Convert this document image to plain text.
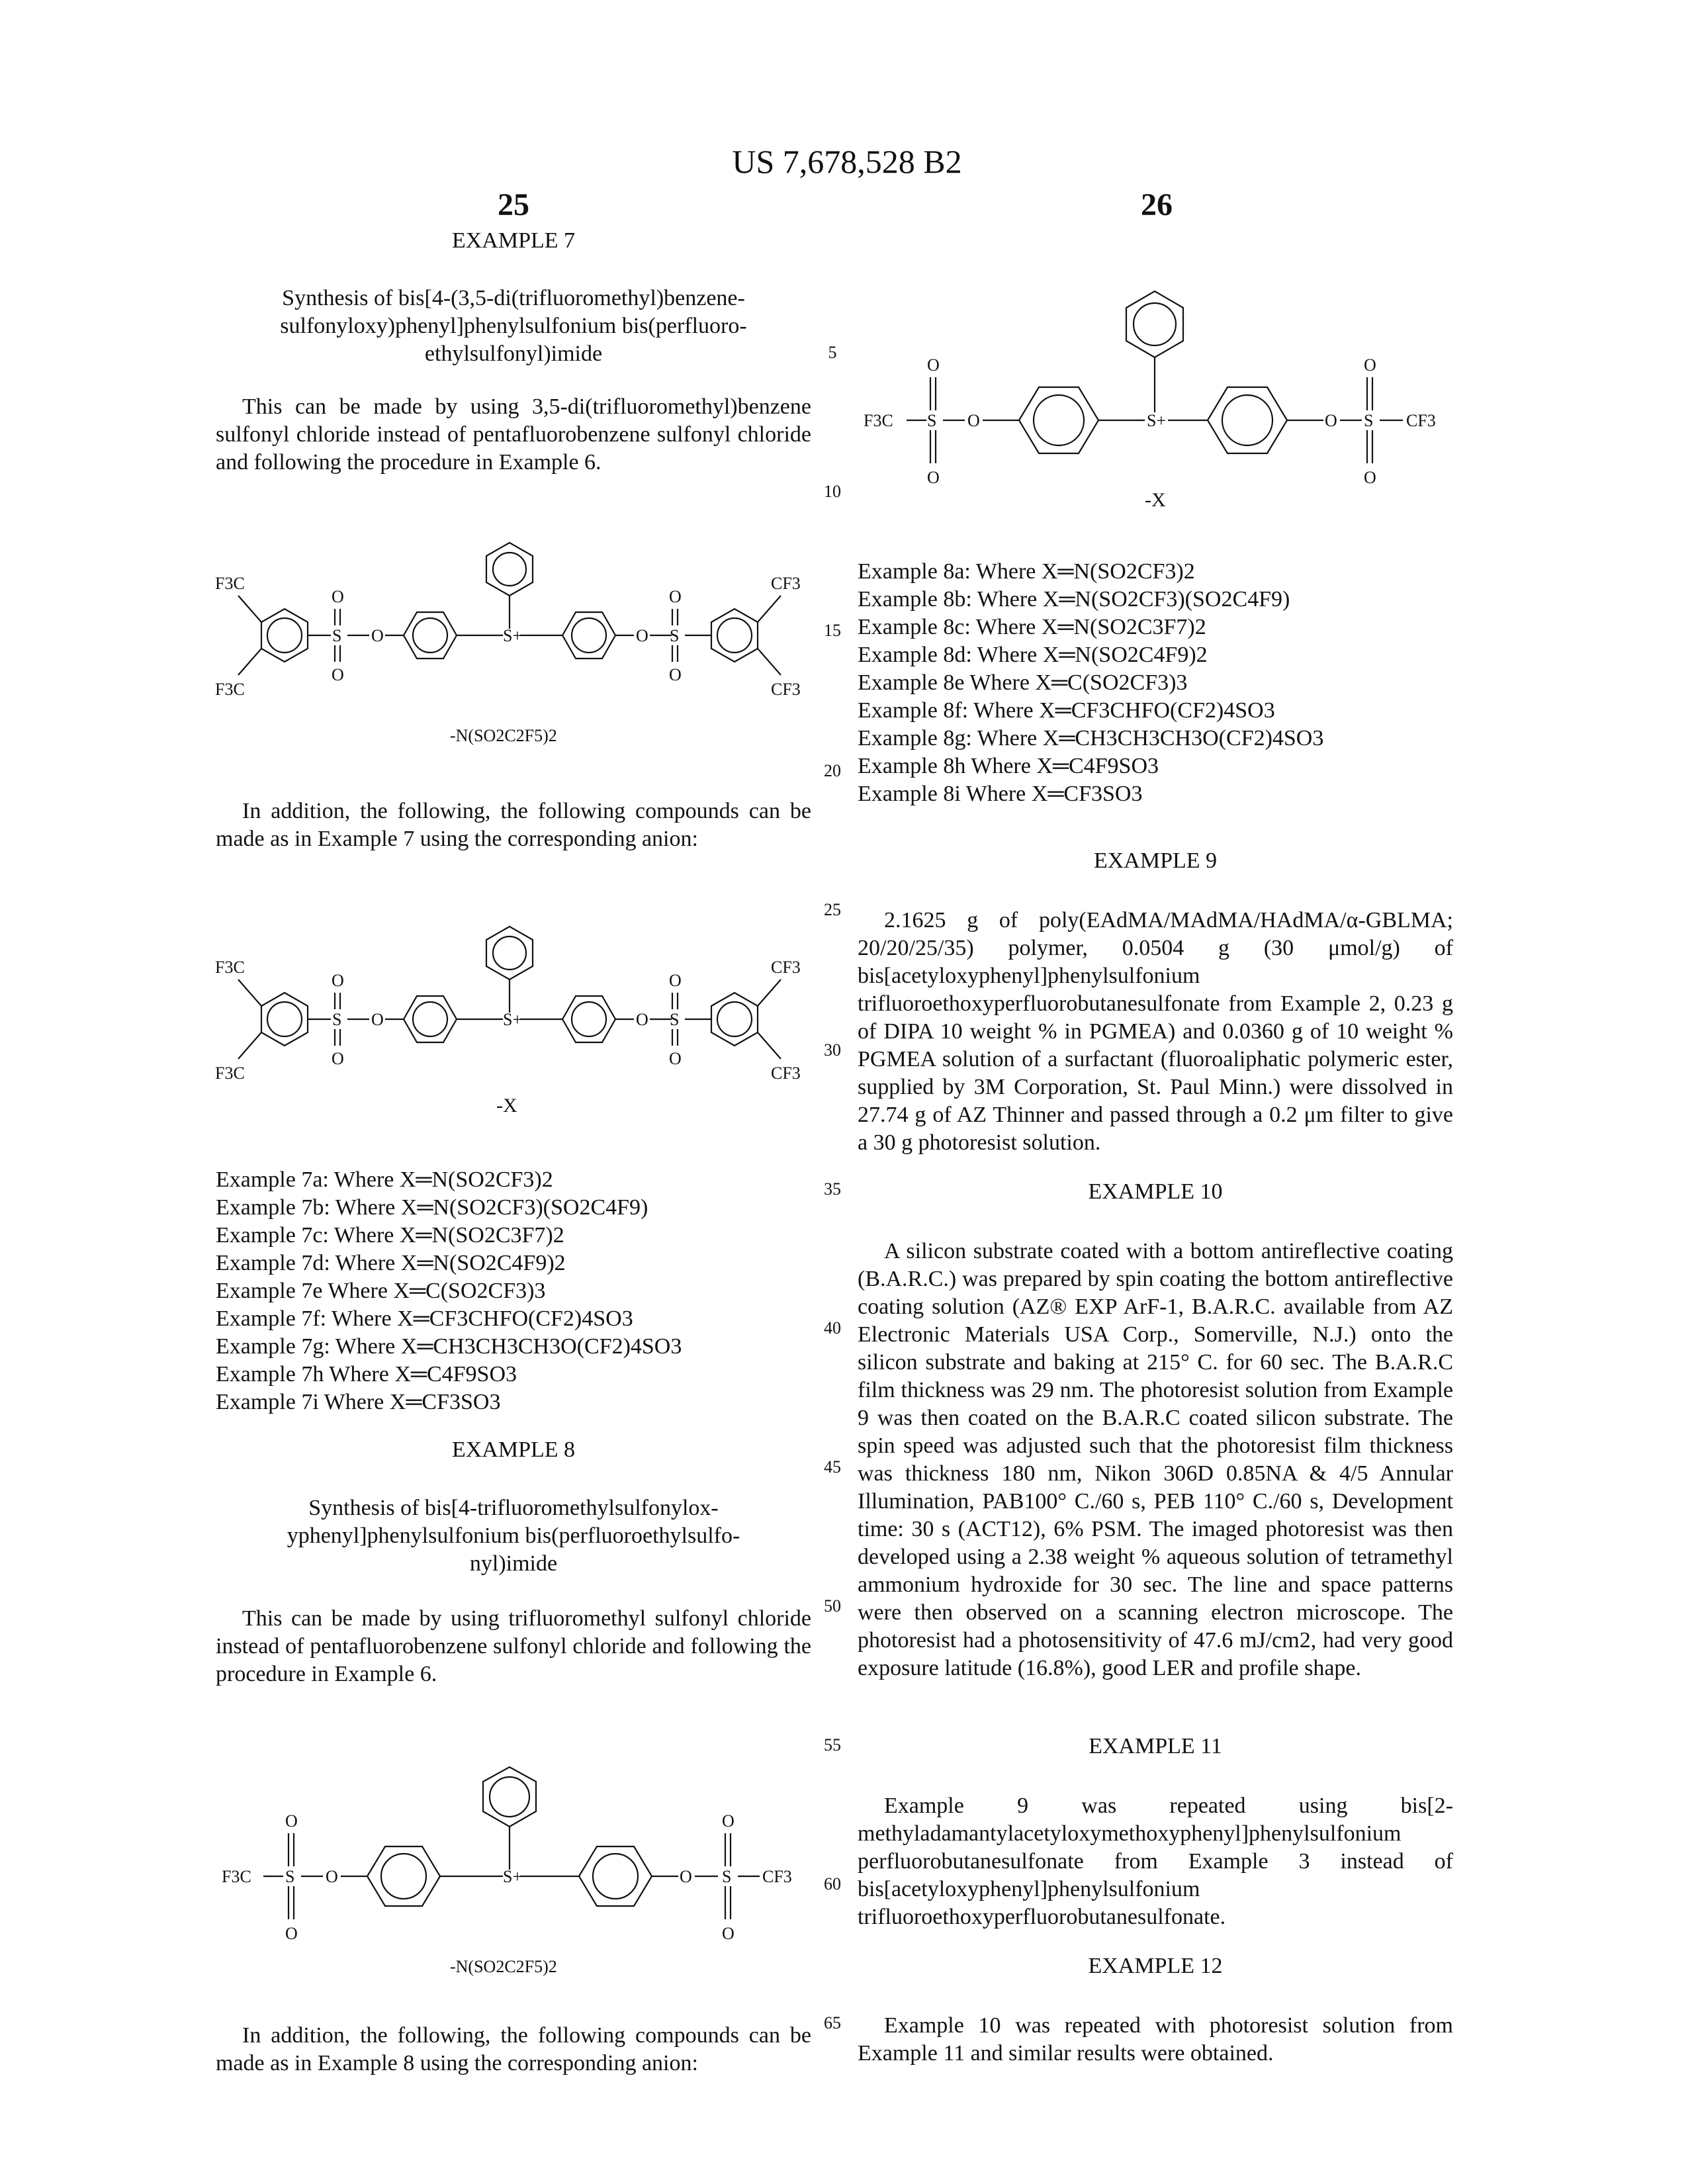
US 7,678,528 B2
25	26
EXAMPLE 7
Synthesis of bis[4-(3,5-di(trifluoromethyl)benzene-sulfonyloxy)phenyl]phenylsulfonium bis(perfluoro-ethylsulfonyl)imide
This can be made by using 3,5-di(trifluoromethyl)benzene sulfonyl chloride instead of pentafluorobenzene sulfonyl chloride and following the procedure in Example 6.
F3C
F3C
O
O
S O	S+	O
O
O
S
CF3
CF3
-N(SO2C2F5)2
In addition, the following, the following compounds can be made as in Example 7 using the corresponding anion:
F3C
F3C
O
O
S O	S+	O
O
O
S
CF3
CF3
-X
Example 7a: Where X═N(SO2CF3)2
Example 7b: Where X═N(SO2CF3)(SO2C4F9)
Example 7c: Where X═N(SO2C3F7)2
Example 7d: Where X═N(SO2C4F9)2
Example 7e Where X═C(SO2CF3)3
Example 7f: Where X═CF3CHFO(CF2)4SO3
Example 7g: Where X═CH3CH3CH3O(CF2)4SO3
Example 7h Where X═C4F9SO3
Example 7i Where X═CF3SO3
EXAMPLE 8
Synthesis of bis[4-trifluoromethylsulfonylox-yphenyl]phenylsulfonium bis(perfluoroethylsulfo-nyl)imide
This can be made by using trifluoromethyl sulfonyl chloride instead of pentafluorobenzene sulfonyl chloride and following the procedure in Example 6.
F3C
O
O
S O	S+	O
O
O
S CF3
-N(SO2C2F5)2
In addition, the following, the following compounds can be made as in Example 8 using the corresponding anion:
5
10
15
20
25
30
35
40
45
50
55
60
65
F3C
O
O
S O	S+	O
O
O
S CF3
-X
Example 8a: Where X═N(SO2CF3)2
Example 8b: Where X═N(SO2CF3)(SO2C4F9)
Example 8c: Where X═N(SO2C3F7)2
Example 8d: Where X═N(SO2C4F9)2
Example 8e Where X═C(SO2CF3)3
Example 8f: Where X═CF3CHFO(CF2)4SO3
Example 8g: Where X═CH3CH3CH3O(CF2)4SO3
Example 8h Where X═C4F9SO3
Example 8i Where X═CF3SO3
EXAMPLE 9
2.1625 g of poly(EAdMA/MAdMA/HAdMA/α-GBLMA; 20/20/25/35) polymer, 0.0504 g (30 μmol/g) of bis[acetyloxyphenyl]phenylsulfonium trifluoroethoxyperfluorobutanesulfonate from Example 2, 0.23 g of DIPA 10 weight % in PGMEA) and 0.0360 g of 10 weight % PGMEA solution of a surfactant (fluoroaliphatic polymeric ester, supplied by 3M Corporation, St. Paul Minn.) were dissolved in 27.74 g of AZ Thinner and passed through a 0.2 μm filter to give a 30 g photoresist solution.
EXAMPLE 10
A silicon substrate coated with a bottom antireflective coating (B.A.R.C.) was prepared by spin coating the bottom antireflective coating solution (AZ® EXP ArF-1, B.A.R.C. available from AZ Electronic Materials USA Corp., Somerville, N.J.) onto the silicon substrate and baking at 215° C. for 60 sec. The B.A.R.C film thickness was 29 nm. The photoresist solution from Example 9 was then coated on the B.A.R.C coated silicon substrate. The spin speed was adjusted such that the photoresist film thickness was thickness 180 nm, Nikon 306D 0.85NA & 4/5 Annular Illumination, PAB100° C./60 s, PEB 110° C./60 s, Development time: 30 s (ACT12), 6% PSM. The imaged photoresist was then developed using a 2.38 weight % aqueous solution of tetramethyl ammonium hydroxide for 30 sec. The line and space patterns were then observed on a scanning electron microscope. The photoresist had a photosensitivity of 47.6 mJ/cm2, had very good exposure latitude (16.8%), good LER and profile shape.
EXAMPLE 11
Example 9 was repeated using bis[2-methyladamantylacetyloxymethoxyphenyl]phenylsulfonium perfluorobutanesulfonate from Example 3 instead of bis[acetyloxyphenyl]phenylsulfonium trifluoroethoxyperfluorobutanesulfonate.
EXAMPLE 12
Example 10 was repeated with photoresist solution from Example 11 and similar results were obtained.
